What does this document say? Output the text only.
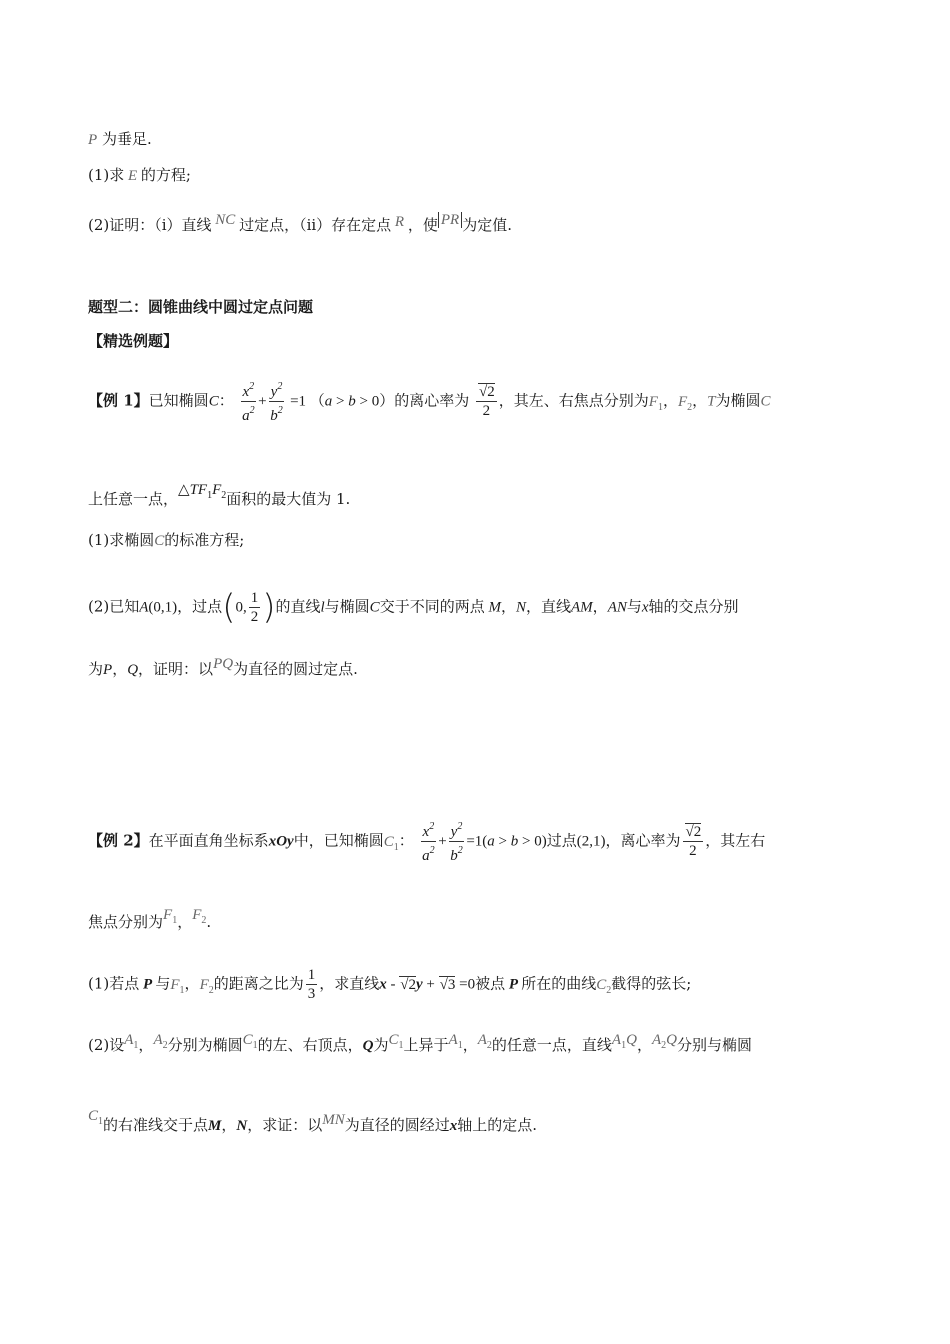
P 为垂足.
(1)求 E 的方程;
(2)证明：（i）直线 NC 过定点，（ii）存在定点 R ，使 PR 为定值.
题型二：圆锥曲线中圆过定点问题
【精选例题】
【例 1】已知椭圆C： $\frac{x^2}{a^2} + \frac{y^2}{b^2} =1$ （a > b > 0）的离心率为 $\frac{√2}{2}$ ，其左、右焦点分别为$F_1$，$F_2$，T为椭圆C
上任意一点，$\triangle TF_1F_2$面积的最大值为 1.
(1)求椭圆C的标准方程;
(2)已知A(0,1)，过点(0, $\frac{1}{2}$ )的直线l与椭圆C交于不同的两点 M，N，直线AM，AN与x轴的交点分别
为P，Q，证明：以PQ为直径的圆过定点.
【例 2】在平面直角坐标系xOy中，已知椭圆$C_1$： $\frac{x^2}{a^2} + \frac{y^2}{b^2} =1(a > b > 0)$过点(2,1)，离心率为 $\frac{√2}{2}$ ，其左右
焦点分别为$F_1$，$F_2$.
(1)若点 P 与$F_1$，$F_2$的距离之比为 $\frac{1}{3}$ ，求直线x - √2y + √3 =0被点 P 所在的曲线$C_2$截得的弦长;
(2)设$A_1$，$A_2$分别为椭圆$C_1$的左、右顶点，Q为$C_1$上异于$A_1$，$A_2$的任意一点，直线$A_1Q$，$A_2Q$分别与椭圆
$C_1$的右准线交于点M，N，求证：以MN为直径的圆经过x轴上的定点.
